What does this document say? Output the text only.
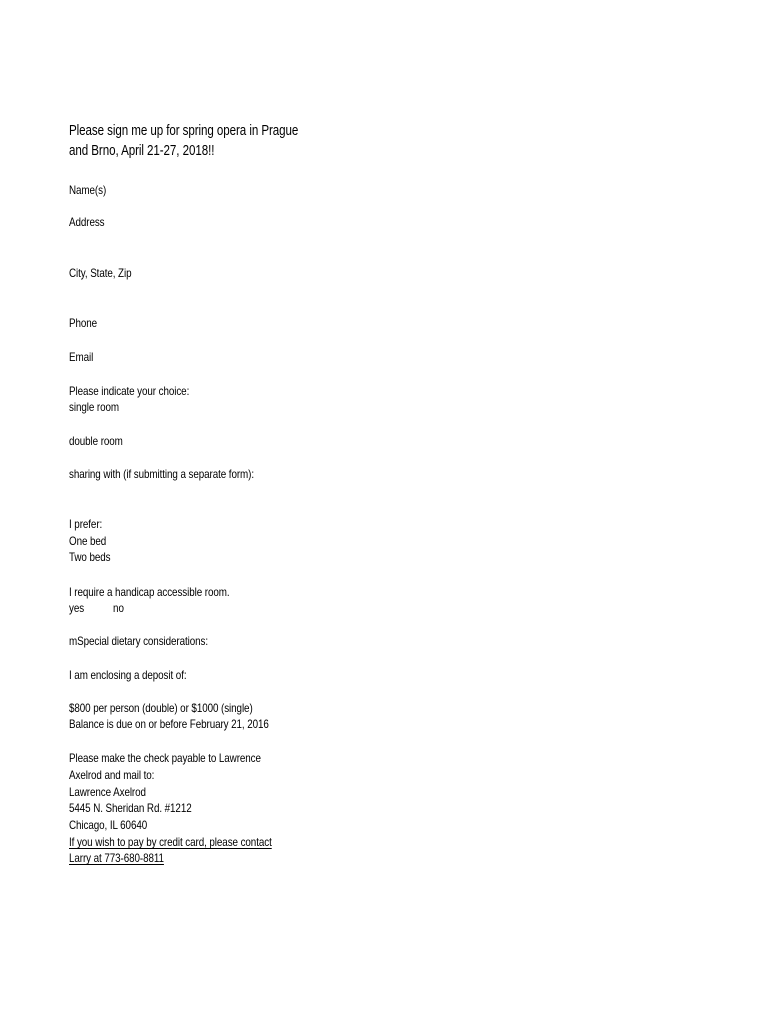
Please sign me up for spring opera in Prague

and Brno, April 21-27, 2018!!

Name(s)

Address

City, State, Zip

Phone

Email

Please indicate your choice:

single room

double room

sharing with (if submitting a separate form):

I prefer:

One bed

Two beds

I require a handicap accessible room.

yes no

mSpecial dietary considerations:

I am enclosing a deposit of:

$800 per person (double) or $1000 (single)

Balance is due on or before February 21, 2016

Please make the check payable to Lawrence

Axelrod and mail to:

Lawrence Axelrod

5445 N. Sheridan Rd. #1212

Chicago, IL 60640

If you wish to pay by credit card, please contact

Larry at 773-680-8811
